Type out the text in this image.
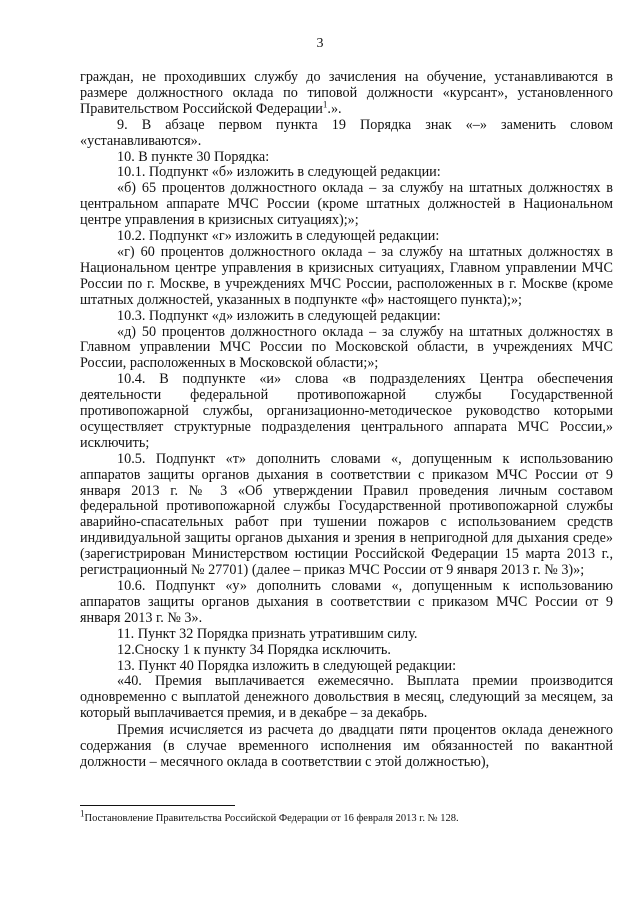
3

граждан, не проходивших службу до зачисления на обучение, устанавливаются в размере должностного оклада по типовой должности «курсант», установленного Правительством Российской Федерации$^1$.».

9. В абзаце первом пункта 19 Порядка знак «–» заменить словом «устанавливаются».

10. В пункте 30 Порядка:

10.1. Подпункт «б» изложить в следующей редакции:

«б) 65 процентов должностного оклада – за службу на штатных должностях в центральном аппарате МЧС России (кроме штатных должностей в Национальном центре управления в кризисных ситуациях);»;

10.2. Подпункт «г» изложить в следующей редакции:

«г) 60 процентов должностного оклада – за службу на штатных должностях в Национальном центре управления в кризисных ситуациях, Главном управлении МЧС России по г. Москве, в учреждениях МЧС России, расположенных в г. Москве (кроме штатных должностей, указанных в подпункте «ф» настоящего пункта);»;

10.3. Подпункт «д» изложить в следующей редакции:

«д) 50 процентов должностного оклада – за службу на штатных должностях в Главном управлении МЧС России по Московской области, в учреждениях МЧС России, расположенных в Московской области;»;

10.4. В подпункте «и» слова «в подразделениях Центра обеспечения деятельности федеральной противопожарной службы Государственной противопожарной службы, организационно-методическое руководство которыми осуществляет структурные подразделения центрального аппарата МЧС России,» исключить;

10.5. Подпункт «т» дополнить словами «, допущенным к использованию аппаратов защиты органов дыхания в соответствии с приказом МЧС России от 9 января 2013 г. № 3 «Об утверждении Правил проведения личным составом федеральной противопожарной службы Государственной противопожарной службы аварийно-спасательных работ при тушении пожаров с использованием средств индивидуальной защиты органов дыхания и зрения в непригодной для дыхания среде» (зарегистрирован Министерством юстиции Российской Федерации 15 марта 2013 г., регистрационный № 27701) (далее – приказ МЧС России от 9 января 2013 г. № 3)»;

10.6. Подпункт «у» дополнить словами «, допущенным к использованию аппаратов защиты органов дыхания в соответствии с приказом МЧС России от 9 января 2013 г. № 3».

11. Пункт 32 Порядка признать утратившим силу.

12.Сноску 1 к пункту 34 Порядка исключить.

13. Пункт 40 Порядка изложить в следующей редакции:

«40. Премия выплачивается ежемесячно. Выплата премии производится одновременно с выплатой денежного довольствия в месяц, следующий за месяцем, за который выплачивается премия, и в декабре – за декабрь.

Премия исчисляется из расчета до двадцати пяти процентов оклада денежного содержания (в случае временного исполнения им обязанностей по вакантной должности – месячного оклада в соответствии с этой должностью),

$^1$Постановление Правительства Российской Федерации от 16 февраля 2013 г. № 128.
